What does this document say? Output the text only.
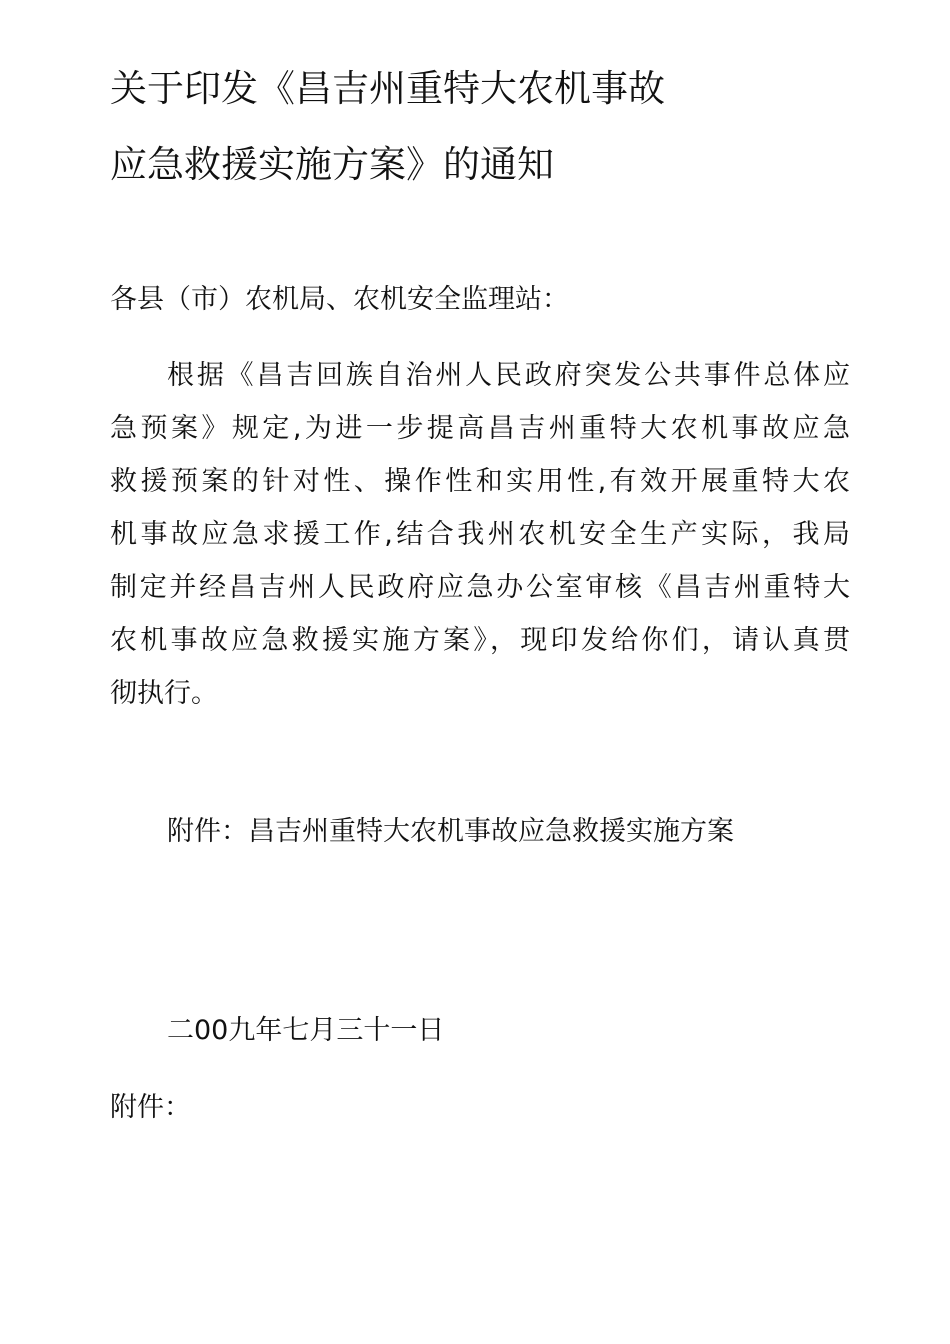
关于印发《昌吉州重特大农机事故
应急救援实施方案》的通知
各县（市）农机局、农机安全监理站：
根据《昌吉回族自治州人民政府突发公共事件总体应
急预案》规定,为进一步提高昌吉州重特大农机事故应急
救援预案的针对性、操作性和实用性,有效开展重特大农
机事故应急求援工作,结合我州农机安全生产实际，我局
制定并经昌吉州人民政府应急办公室审核《昌吉州重特大
农机事故应急救援实施方案》，现印发给你们，请认真贯
彻执行。
附件：昌吉州重特大农机事故应急救援实施方案
二00九年七月三十一日
附件：
